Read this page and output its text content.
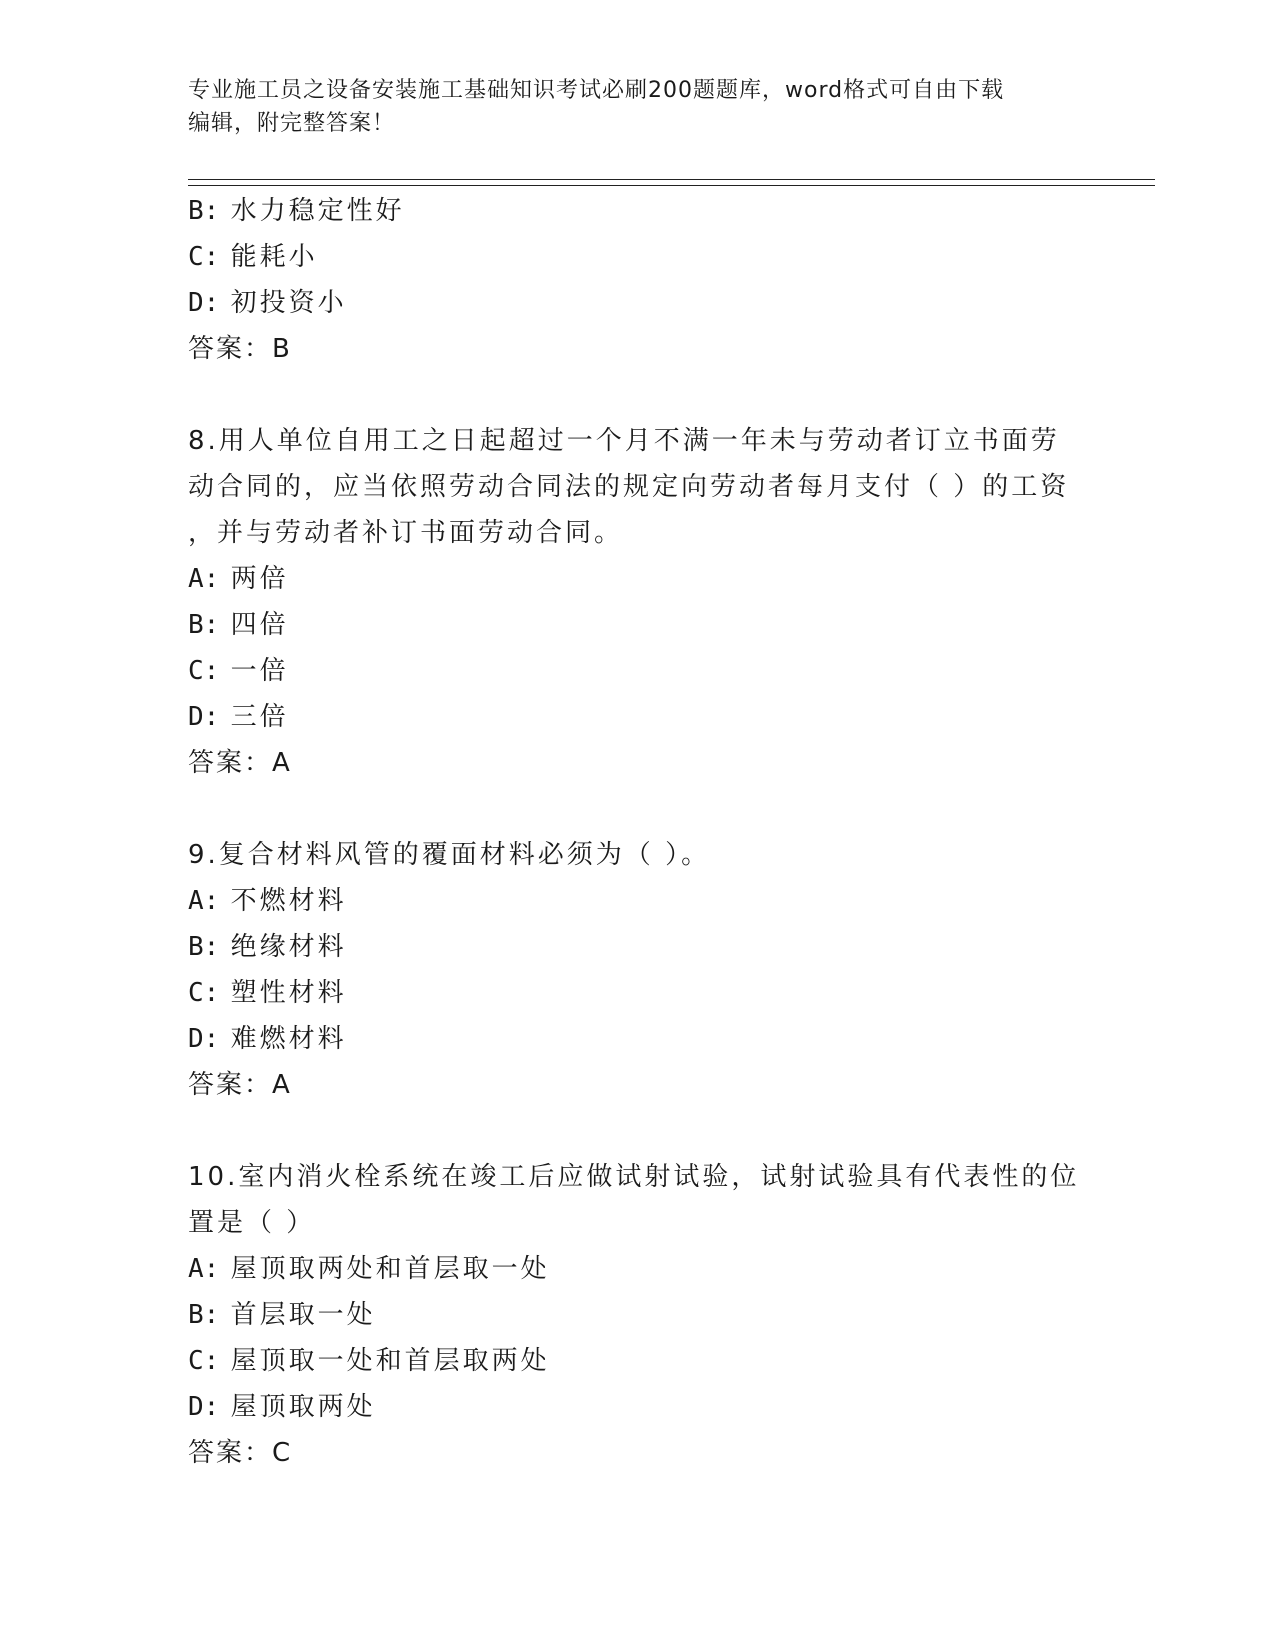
专业施工员之设备安装施工基础知识考试必刷200题题库，word格式可自由下载
编辑，附完整答案！
B: 水力稳定性好
C: 能耗小
D: 初投资小
答案：B
8.用人单位自用工之日起超过一个月不满一年未与劳动者订立书面劳
动合同的，应当依照劳动合同法的规定向劳动者每月支付（ ）的工资
，并与劳动者补订书面劳动合同。
A: 两倍
B: 四倍
C: 一倍
D: 三倍
答案：A
9.复合材料风管的覆面材料必须为（ ）。
A: 不燃材料
B: 绝缘材料
C: 塑性材料
D: 难燃材料
答案：A
10.室内消火栓系统在竣工后应做试射试验，试射试验具有代表性的位
置是（ ）
A: 屋顶取两处和首层取一处
B: 首层取一处
C: 屋顶取一处和首层取两处
D: 屋顶取两处
答案：C
